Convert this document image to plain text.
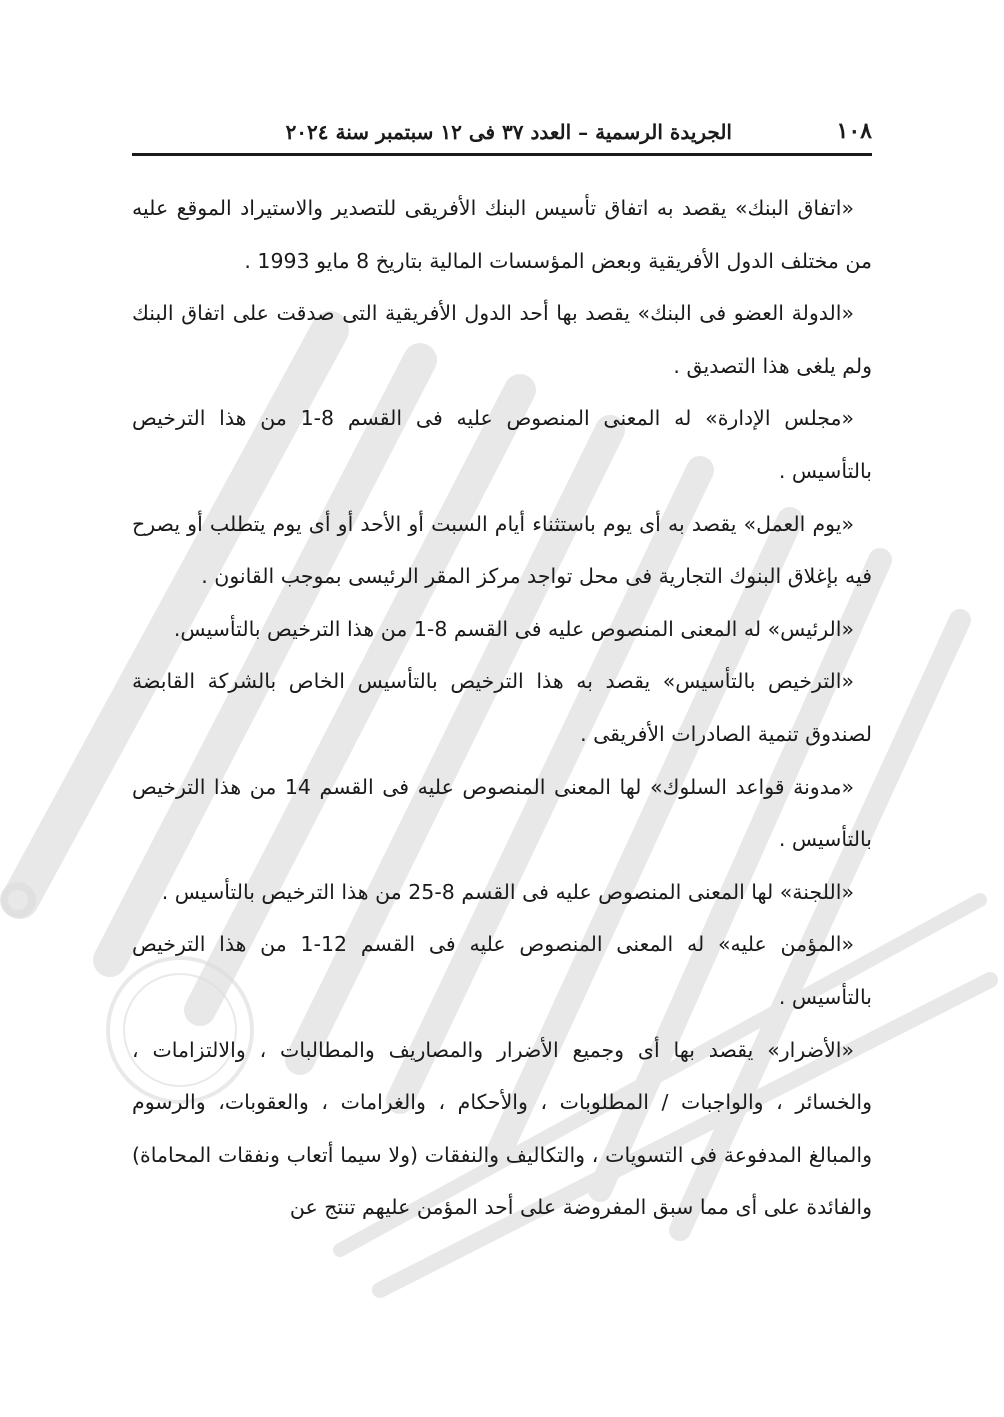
١٠٨
الجريدة الرسمية – العدد ٣٧ فى ١٢ سبتمبر سنة ٢٠٢٤

«اتفاق البنك» يقصد به اتفاق تأسيس البنك الأفريقى للتصدير والاستيراد الموقع عليه من مختلف الدول الأفريقية وبعض المؤسسات المالية بتاريخ 8 مايو 1993 .

«الدولة العضو فى البنك» يقصد بها أحد الدول الأفريقية التى صدقت على اتفاق البنك ولم يلغى هذا التصديق .

«مجلس الإدارة» له المعنى المنصوص عليه فى القسم 8-1 من هذا الترخيص بالتأسيس .

«يوم العمل» يقصد به أى يوم باستثناء أيام السبت أو الأحد أو أى يوم يتطلب أو يصرح فيه بإغلاق البنوك التجارية فى محل تواجد مركز المقر الرئيسى بموجب القانون .

«الرئيس» له المعنى المنصوص عليه فى القسم 8-1 من هذا الترخيص بالتأسيس.

«الترخيص بالتأسيس» يقصد به هذا الترخيص بالتأسيس الخاص بالشركة القابضة لصندوق تنمية الصادرات الأفريقى .

«مدونة قواعد السلوك» لها المعنى المنصوص عليه فى القسم 14 من هذا الترخيص بالتأسيس .

«اللجنة» لها المعنى المنصوص عليه فى القسم 8-25 من هذا الترخيص بالتأسيس .

«المؤمن عليه» له المعنى المنصوص عليه فى القسم 12-1 من هذا الترخيص بالتأسيس .

«الأضرار» يقصد بها أى وجميع الأضرار والمصاريف والمطالبات ، والالتزامات ، والخسائر ، والواجبات / المطلوبات ، والأحكام ، والغرامات ، والعقوبات، والرسوم والمبالغ المدفوعة فى التسويات ، والتكاليف والنفقات (ولا سيما أتعاب ونفقات المحاماة) والفائدة على أى مما سبق المفروضة على أحد المؤمن عليهم تنتج عن
